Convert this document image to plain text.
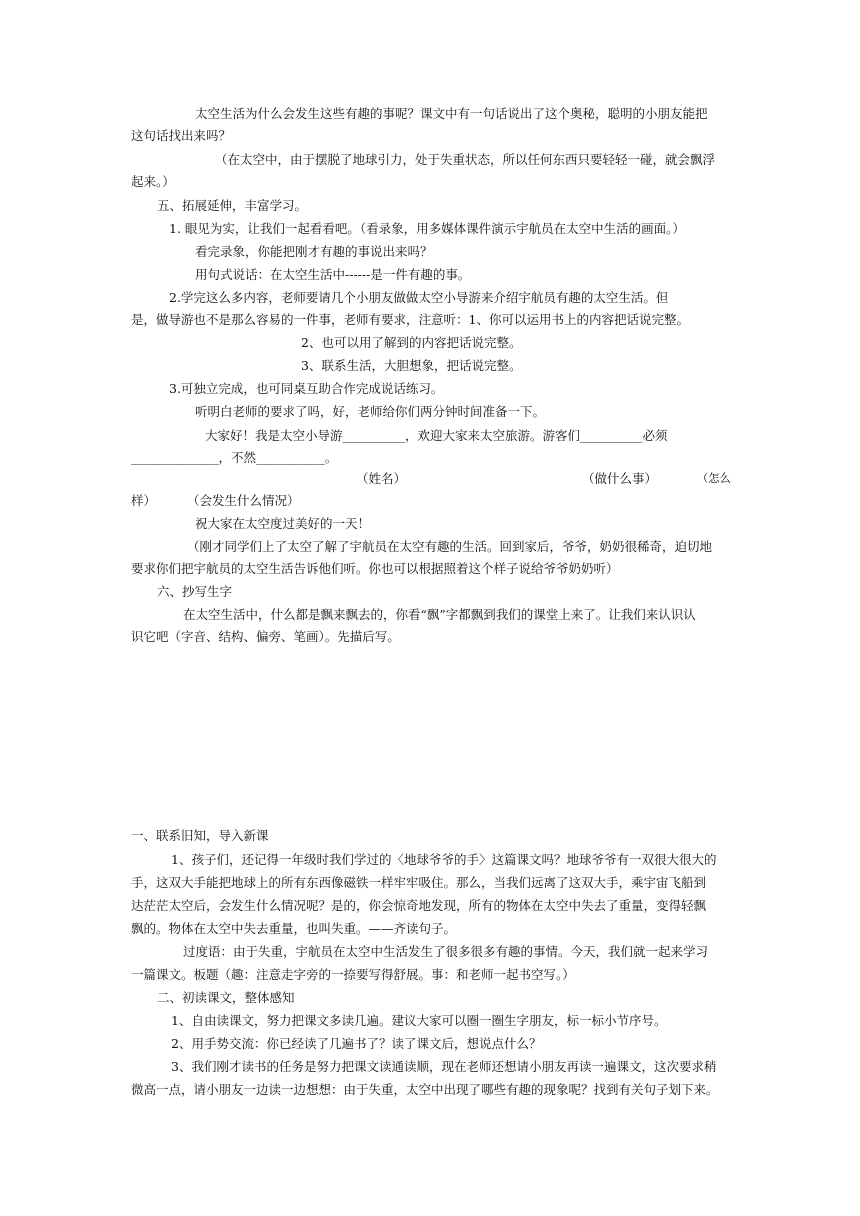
太空生活为什么会发生这些有趣的事呢？课文中有一句话说出了这个奥秘，聪明的小朋友能把
这句话找出来吗？
（在太空中，由于摆脱了地球引力，处于失重状态，所以任何东西只要轻轻一碰，就会飘浮
起来。）
五、拓展延伸，丰富学习。
1. 眼见为实，让我们一起看看吧。（看录象，用多媒体课件演示宇航员在太空中生活的画面。）
看完录象，你能把刚才有趣的事说出来吗？
用句式说话：在太空生活中------是一件有趣的事。
2.学完这么多内容，老师要请几个小朋友做做太空小导游来介绍宇航员有趣的太空生活。但
是，做导游也不是那么容易的一件事，老师有要求，注意听：1、你可以运用书上的内容把话说完整。
2、也可以用了解到的内容把话说完整。
3、联系生活，大胆想象，把话说完整。
3.可独立完成，也可同桌互助合作完成说话练习。
听明白老师的要求了吗，好，老师给你们两分钟时间准备一下。
大家好！我是太空小导游__________，欢迎大家来太空旅游。游客们__________必须
______________，不然___________。
（姓名）	（做什么事）	（怎么
样） （会发生什么情况）
祝大家在太空度过美好的一天！
（刚才同学们上了太空了解了宇航员在太空有趣的生活。回到家后，爷爷，奶奶很稀奇，迫切地
要求你们把宇航员的太空生活告诉他们听。你也可以根据照着这个样子说给爷爷奶奶听）
六、抄写生字
在太空生活中，什么都是飘来飘去的，你看“飘”字都飘到我们的课堂上来了。让我们来认识认
识它吧（字音、结构、偏旁、笔画）。先描后写。
一、联系旧知，导入新课
1、孩子们，还记得一年级时我们学过的〈地球爷爷的手〉这篇课文吗？地球爷爷有一双很大很大的
手，这双大手能把地球上的所有东西像磁铁一样牢牢吸住。那么，当我们远离了这双大手，乘宇宙飞船到
达茫茫太空后，会发生什么情况呢？是的，你会惊奇地发现，所有的物体在太空中失去了重量，变得轻飘
飘的。物体在太空中失去重量，也叫失重。——齐读句子。
过度语：由于失重，宇航员在太空中生活发生了很多很多有趣的事情。今天，我们就一起来学习
一篇课文。板题（趣：注意走字旁的一捺要写得舒展。事：和老师一起书空写。）
二、初读课文，整体感知
1、自由读课文，努力把课文多读几遍。建议大家可以圈一圈生字朋友，标一标小节序号。
2、用手势交流：你已经读了几遍书了？读了课文后，想说点什么？
3、我们刚才读书的任务是努力把课文读通读顺，现在老师还想请小朋友再读一遍课文，这次要求稍
微高一点，请小朋友一边读一边想想：由于失重，太空中出现了哪些有趣的现象呢？找到有关句子划下来。
